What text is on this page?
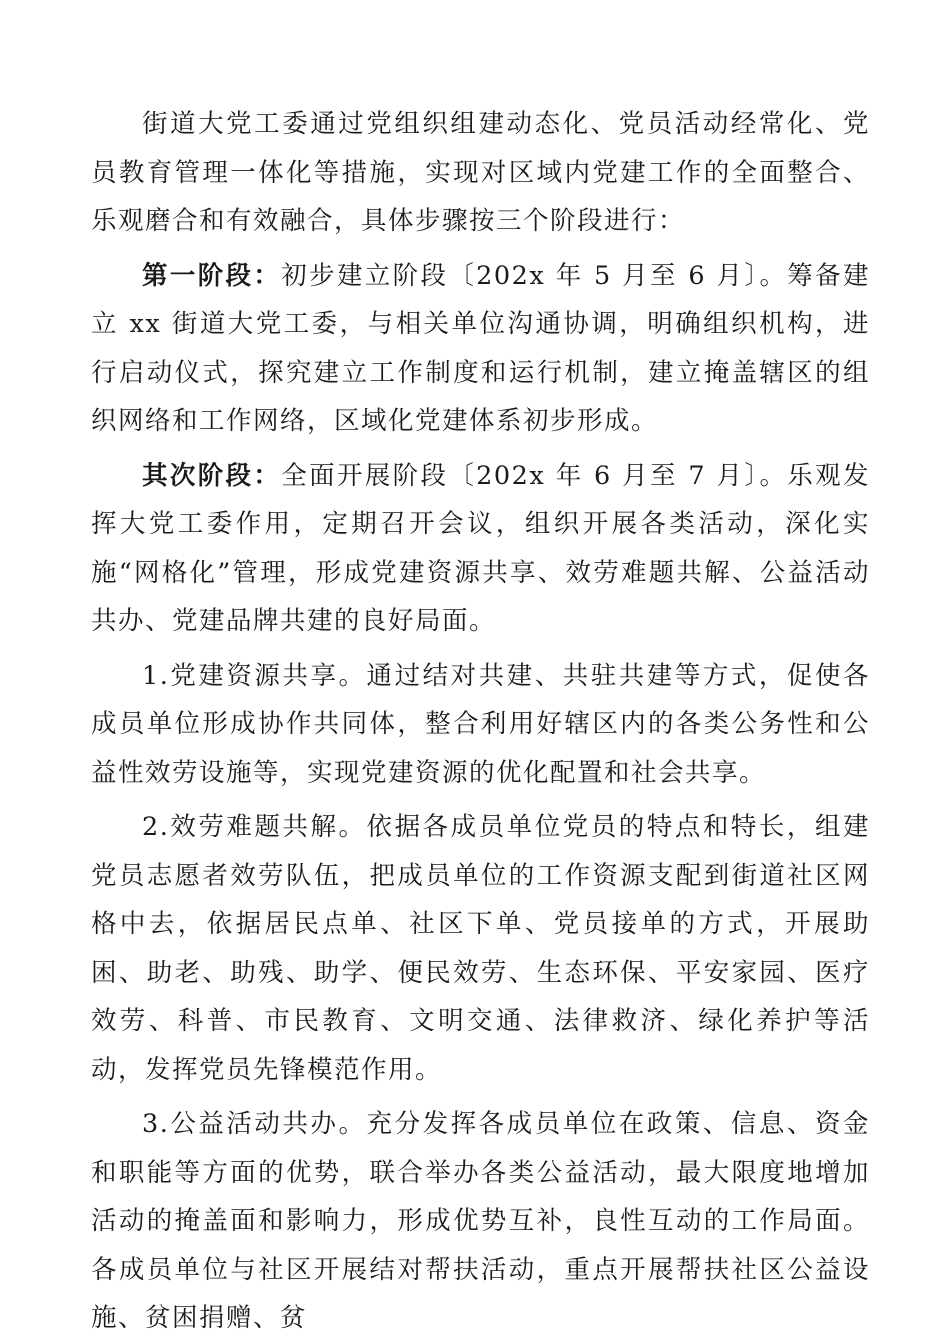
街道大党工委通过党组织组建动态化、党员活动经常化、党员教育管理一体化等措施，实现对区域内党建工作的全面整合、乐观磨合和有效融合，具体步骤按三个阶段进行：

第一阶段：初步建立阶段〔202x 年 5 月至 6 月〕。筹备建立 xx 街道大党工委，与相关单位沟通协调，明确组织机构，进行启动仪式，探究建立工作制度和运行机制，建立掩盖辖区的组织网络和工作网络，区域化党建体系初步形成。

其次阶段：全面开展阶段〔202x 年 6 月至 7 月〕。乐观发挥大党工委作用，定期召开会议，组织开展各类活动，深化实施“网格化”管理，形成党建资源共享、效劳难题共解、公益活动共办、党建品牌共建的良好局面。

1.党建资源共享。通过结对共建、共驻共建等方式，促使各成员单位形成协作共同体，整合利用好辖区内的各类公务性和公益性效劳设施等，实现党建资源的优化配置和社会共享。

2.效劳难题共解。依据各成员单位党员的特点和特长，组建党员志愿者效劳队伍，把成员单位的工作资源支配到街道社区网格中去，依据居民点单、社区下单、党员接单的方式，开展助困、助老、助残、助学、便民效劳、生态环保、平安家园、医疗效劳、科普、市民教育、文明交通、法律救济、绿化养护等活动，发挥党员先锋模范作用。

3.公益活动共办。充分发挥各成员单位在政策、信息、资金和职能等方面的优势，联合举办各类公益活动，最大限度地增加活动的掩盖面和影响力，形成优势互补，良性互动的工作局面。各成员单位与社区开展结对帮扶活动，重点开展帮扶社区公益设施、贫困捐赠、贫
